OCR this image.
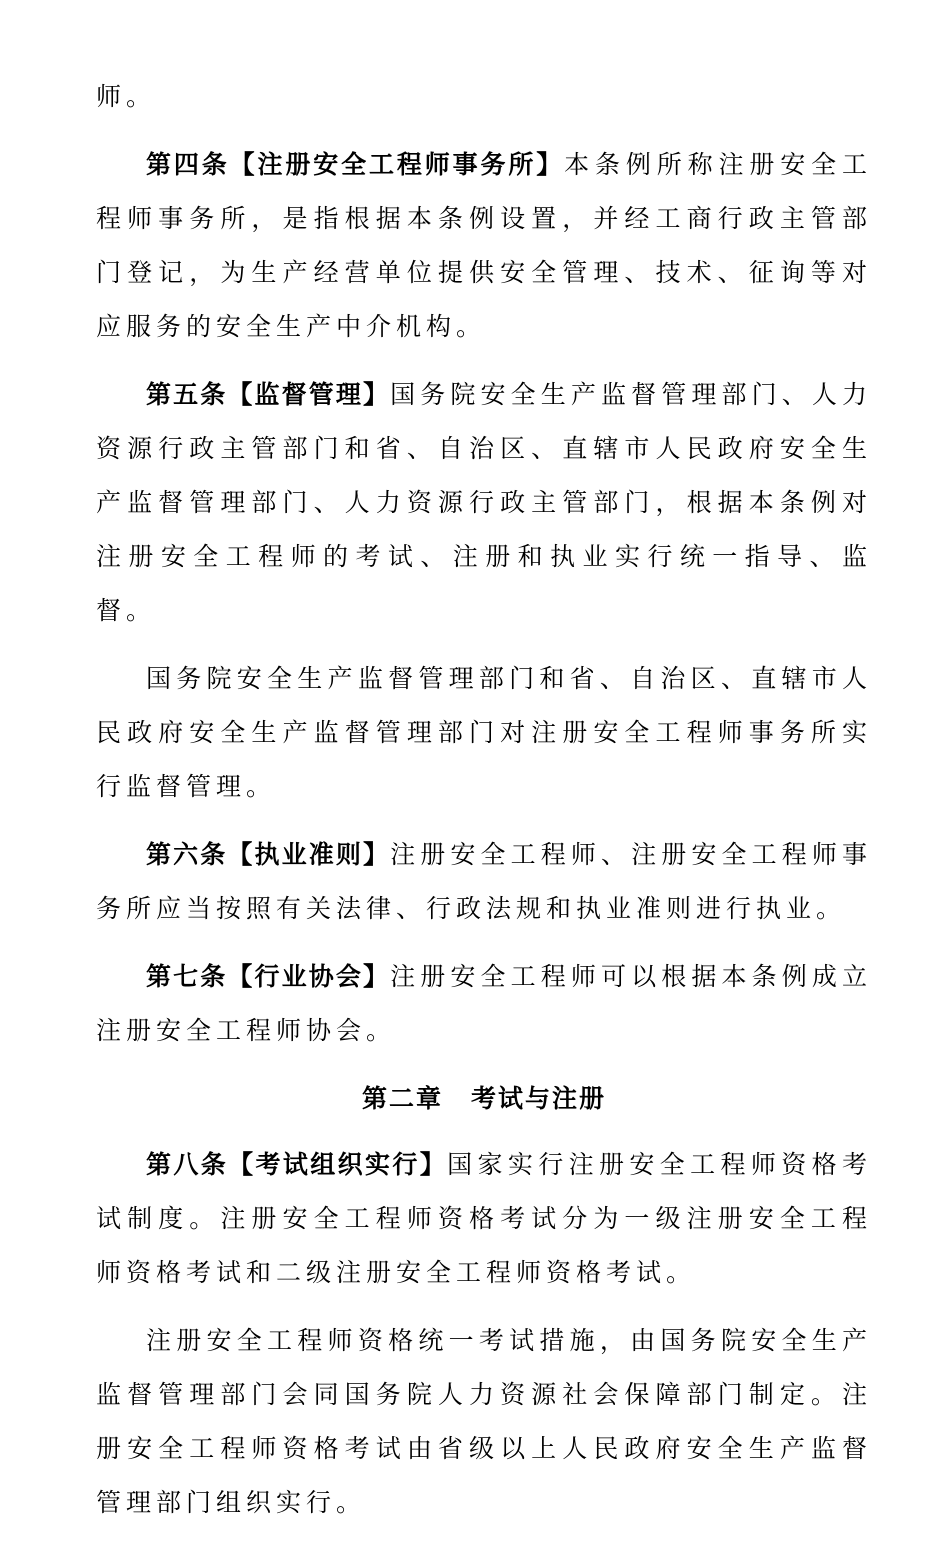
师。

第四条【注册安全工程师事务所】本条例所称注册安全工程师事务所，是指根据本条例设置，并经工商行政主管部门登记，为生产经营单位提供安全管理、技术、征询等对应服务的安全生产中介机构。

第五条【监督管理】国务院安全生产监督管理部门、人力资源行政主管部门和省、自治区、直辖市人民政府安全生产监督管理部门、人力资源行政主管部门，根据本条例对注册安全工程师的考试、注册和执业实行统一指导、监督。

国务院安全生产监督管理部门和省、自治区、直辖市人民政府安全生产监督管理部门对注册安全工程师事务所实行监督管理。

第六条【执业准则】注册安全工程师、注册安全工程师事务所应当按照有关法律、行政法规和执业准则进行执业。

第七条【行业协会】注册安全工程师可以根据本条例成立注册安全工程师协会。

第二章 考试与注册

第八条【考试组织实行】国家实行注册安全工程师资格考试制度。注册安全工程师资格考试分为一级注册安全工程师资格考试和二级注册安全工程师资格考试。

注册安全工程师资格统一考试措施，由国务院安全生产监督管理部门会同国务院人力资源社会保障部门制定。注册安全工程师资格考试由省级以上人民政府安全生产监督管理部门组织实行。
